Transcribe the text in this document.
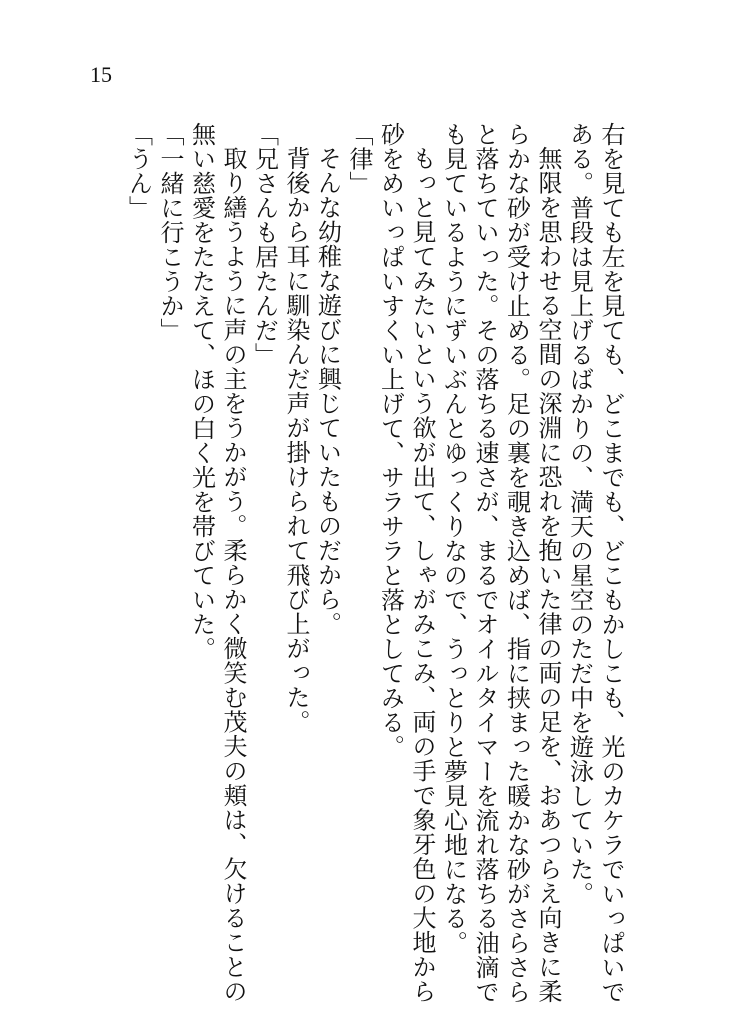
15
右を見ても左を見ても、どこまでも、どこもかしこも、光のカケラでいっぱいで
ある。普段は見上げるばかりの、満天の星空のただ中を遊泳していた。
無限を思わせる空間の深淵に恐れを抱いた律の両の足を、おあつらえ向きに柔
らかな砂が受け止める。足の裏を覗き込めば、指に挟まった暖かな砂がさらさら
と落ちていった。その落ちる速さが、まるでオイルタイマーを流れ落ちる油滴で
も見ているようにずいぶんとゆっくりなので、うっとりと夢見心地になる。
もっと見てみたいという欲が出て、しゃがみこみ、両の手で象牙色の大地から
砂をめいっぱいすくい上げて、サラサラと落としてみる。
「律」
そんな幼稚な遊びに興じていたものだから。
背後から耳に馴染んだ声が掛けられて飛び上がった。
「兄さんも居たんだ」
取り繕うように声の主をうかがう。柔らかく微笑む茂夫の頬は、欠けることの
無い慈愛をたたえて、ほの白く光を帯びていた。
「一緒に行こうか」
「うん」
